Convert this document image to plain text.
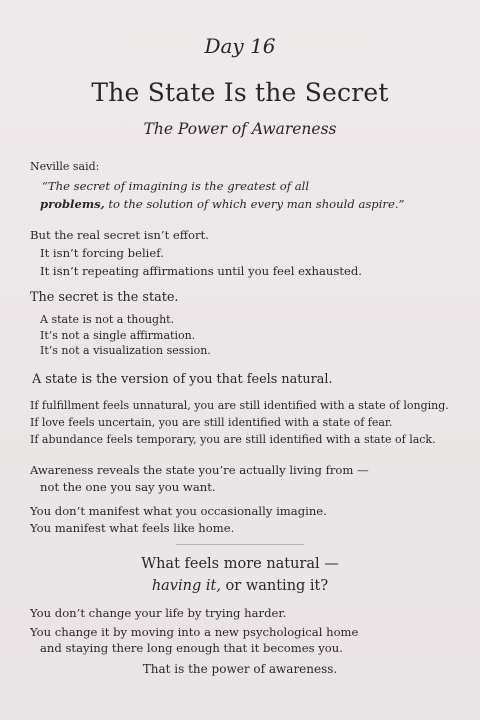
Day 16
The State Is the Secret
The Power of Awareness
Neville said:
“The secret of imagining is the greatest of all
problems, to the solution of which every man should aspire.”
But the real secret isn’t effort.
It isn’t forcing belief.
It isn’t repeating affirmations until you feel exhausted.
The secret is the state.
A state is not a thought.
It’s not a single affirmation.
It’s not a visualization session.
A state is the version of you that feels natural.
If fulfillment feels unnatural, you are still identified with a state of longing.
If love feels uncertain, you are still identified with a state of fear.
If abundance feels temporary, you are still identified with a state of lack.
Awareness reveals the state you’re actually living from —
not the one you say you want.
You don’t manifest what you occasionally imagine.
You manifest what feels like home.
What feels more natural —
having it, or wanting it?
You don’t change your life by trying harder.
You change it by moving into a new psychological home
and staying there long enough that it becomes you.
That is the power of awareness.
